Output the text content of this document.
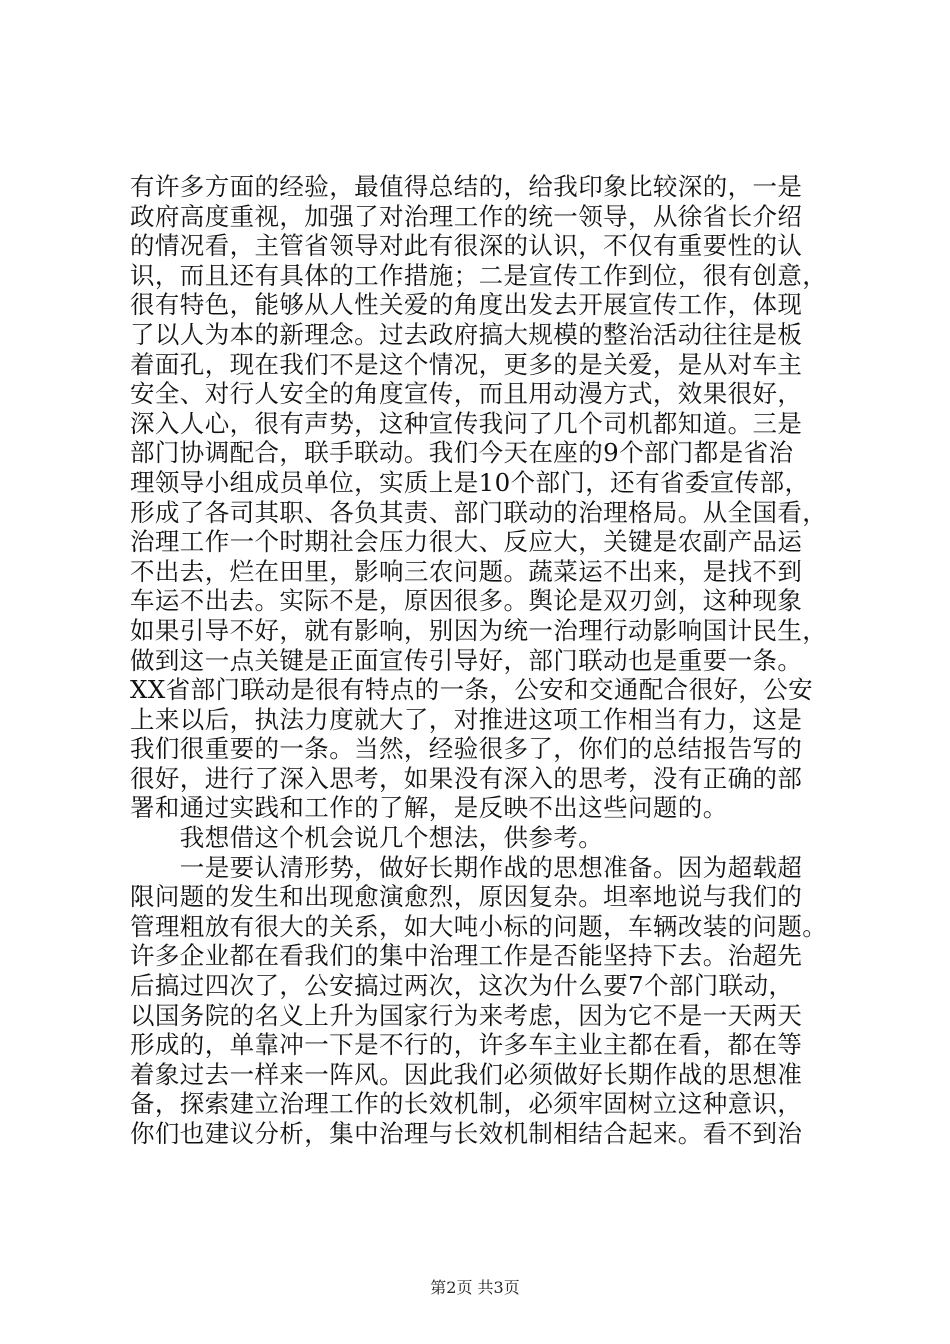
有许多方面的经验，最值得总结的，给我印象比较深的，一是
政府高度重视，加强了对治理工作的统一领导，从徐省长介绍
的情况看，主管省领导对此有很深的认识，不仅有重要性的认
识，而且还有具体的工作措施；二是宣传工作到位，很有创意，
很有特色，能够从人性关爱的角度出发去开展宣传工作，体现
了以人为本的新理念。过去政府搞大规模的整治活动往往是板
着面孔，现在我们不是这个情况，更多的是关爱，是从对车主
安全、对行人安全的角度宣传，而且用动漫方式，效果很好，
深入人心，很有声势，这种宣传我问了几个司机都知道。三是
部门协调配合，联手联动。我们今天在座的9个部门都是省治
理领导小组成员单位，实质上是10个部门，还有省委宣传部，
形成了各司其职、各负其责、部门联动的治理格局。从全国看，
治理工作一个时期社会压力很大、反应大，关键是农副产品运
不出去，烂在田里，影响三农问题。蔬菜运不出来，是找不到
车运不出去。实际不是，原因很多。舆论是双刃剑，这种现象
如果引导不好，就有影响，别因为统一治理行动影响国计民生，
做到这一点关键是正面宣传引导好，部门联动也是重要一条。
XX省部门联动是很有特点的一条，公安和交通配合很好，公安
上来以后，执法力度就大了，对推进这项工作相当有力，这是
我们很重要的一条。当然，经验很多了，你们的总结报告写的
很好，进行了深入思考，如果没有深入的思考，没有正确的部
署和通过实践和工作的了解，是反映不出这些问题的。
　　我想借这个机会说几个想法，供参考。
　　一是要认清形势，做好长期作战的思想准备。因为超载超
限问题的发生和出现愈演愈烈，原因复杂。坦率地说与我们的
管理粗放有很大的关系，如大吨小标的问题，车辆改装的问题。
许多企业都在看我们的集中治理工作是否能坚持下去。治超先
后搞过四次了，公安搞过两次，这次为什么要7个部门联动，
以国务院的名义上升为国家行为来考虑，因为它不是一天两天
形成的，单靠冲一下是不行的，许多车主业主都在看，都在等
着象过去一样来一阵风。因此我们必须做好长期作战的思想准
备，探索建立治理工作的长效机制，必须牢固树立这种意识，
你们也建议分析，集中治理与长效机制相结合起来。看不到治
第2页 共3页
